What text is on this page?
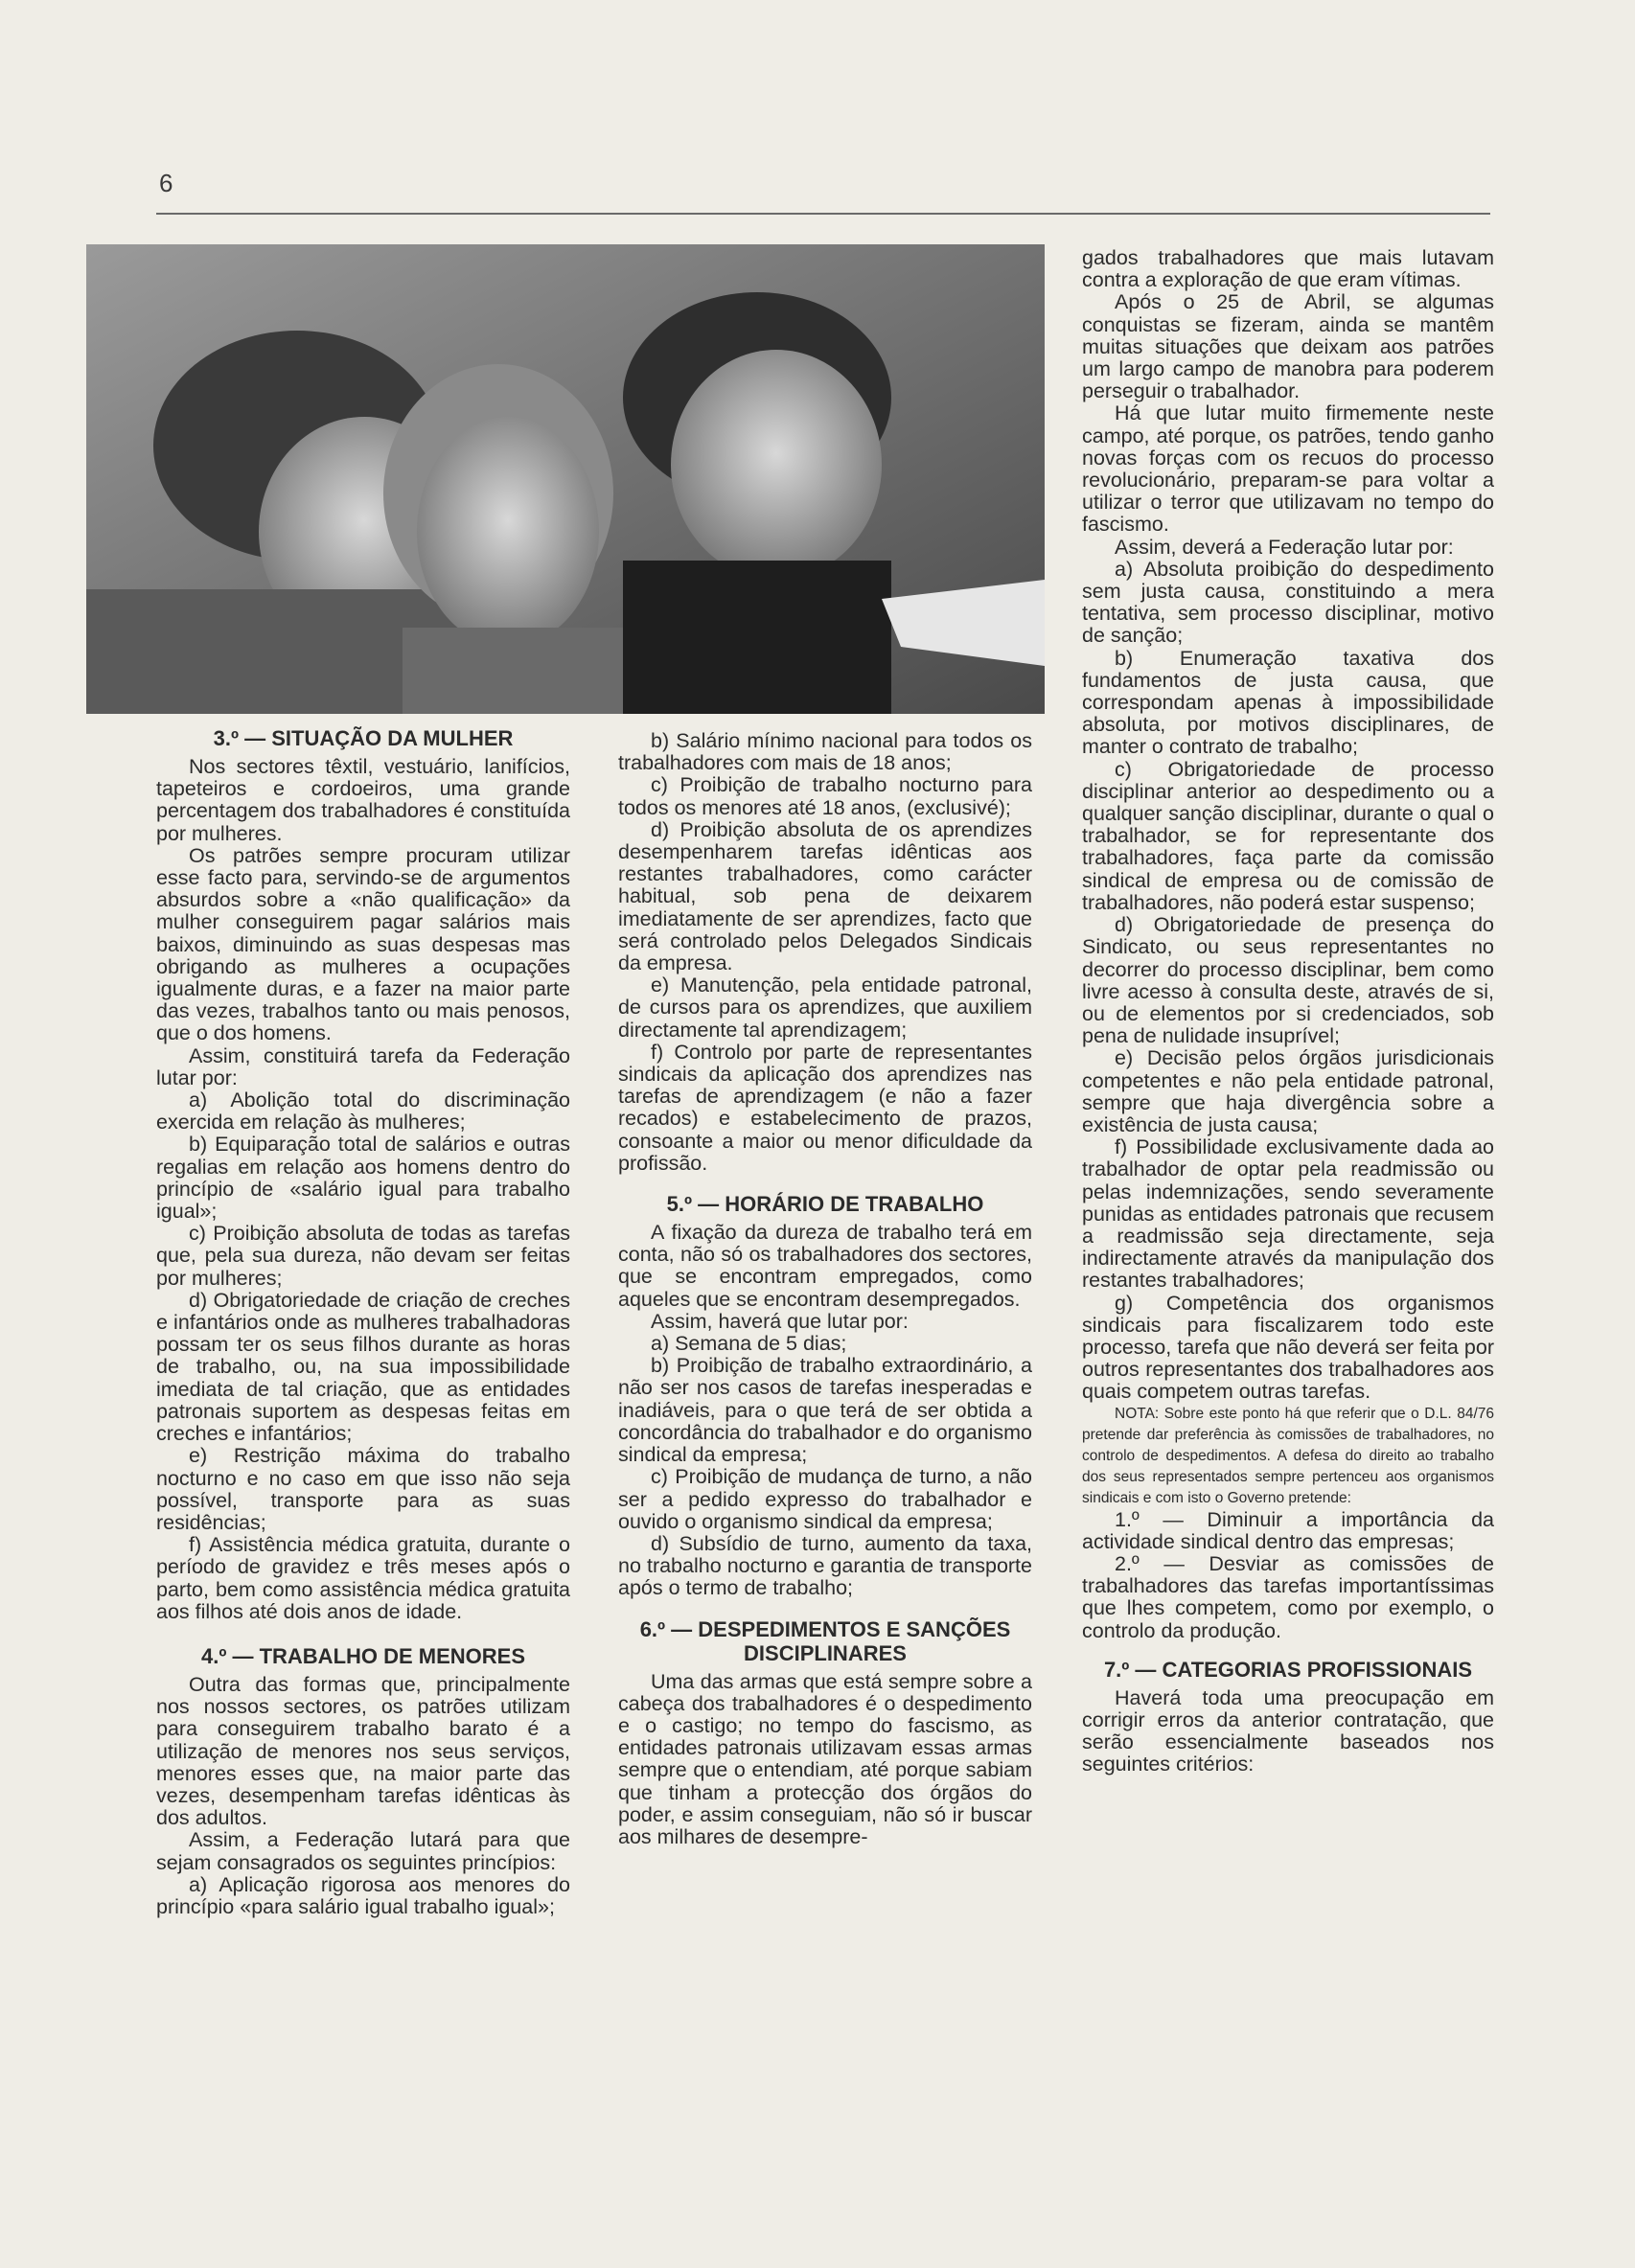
6
3.º — SITUAÇÃO DA MULHER

Nos sectores têxtil, vestuário, lanifícios, tapeteiros e cordoeiros, uma grande percentagem dos trabalhadores é constituída por mulheres.

Os patrões sempre procuram utilizar esse facto para, servindo-se de argumentos absurdos sobre a «não qualificação» da mulher conseguirem pagar salários mais baixos, diminuindo as suas despesas mas obrigando as mulheres a ocupações igualmente duras, e a fazer na maior parte das vezes, trabalhos tanto ou mais penosos, que o dos homens.

Assim, constituirá tarefa da Federação lutar por:

a) Abolição total do discriminação exercida em relação às mulheres;

b) Equiparação total de salários e outras regalias em relação aos homens dentro do princípio de «salário igual para trabalho igual»;

c) Proibição absoluta de todas as tarefas que, pela sua dureza, não devam ser feitas por mulheres;

d) Obrigatoriedade de criação de creches e infantários onde as mulheres trabalhadoras possam ter os seus filhos durante as horas de trabalho, ou, na sua impossibilidade imediata de tal criação, que as entidades patronais suportem as despesas feitas em creches e infantários;

e) Restrição máxima do trabalho nocturno e no caso em que isso não seja possível, transporte para as suas residências;

f) Assistência médica gratuita, durante o período de gravidez e três meses após o parto, bem como assistência médica gratuita aos filhos até dois anos de idade.

4.º — TRABALHO DE MENORES

Outra das formas que, principalmente nos nossos sectores, os patrões utilizam para conseguirem trabalho barato é a utilização de menores nos seus serviços, menores esses que, na maior parte das vezes, desempenham tarefas idênticas às dos adultos.

Assim, a Federação lutará para que sejam consagrados os seguintes princípios:

a) Aplicação rigorosa aos menores do princípio «para salário igual trabalho igual»;

b) Salário mínimo nacional para todos os trabalhadores com mais de 18 anos;

c) Proibição de trabalho nocturno para todos os menores até 18 anos, (exclusivé);

d) Proibição absoluta de os aprendizes desempenharem tarefas idênticas aos restantes trabalhadores, como carácter habitual, sob pena de deixarem imediatamente de ser aprendizes, facto que será controlado pelos Delegados Sindicais da empresa.

e) Manutenção, pela entidade patronal, de cursos para os aprendizes, que auxiliem directamente tal aprendizagem;

f) Controlo por parte de representantes sindicais da aplicação dos aprendizes nas tarefas de aprendizagem (e não a fazer recados) e estabelecimento de prazos, consoante a maior ou menor dificuldade da profissão.

5.º — HORÁRIO DE TRABALHO

A fixação da dureza de trabalho terá em conta, não só os trabalhadores dos sectores, que se encontram empregados, como aqueles que se encontram desempregados.

Assim, haverá que lutar por:

a) Semana de 5 dias;

b) Proibição de trabalho extraordinário, a não ser nos casos de tarefas inesperadas e inadiáveis, para o que terá de ser obtida a concordância do trabalhador e do organismo sindical da empresa;

c) Proibição de mudança de turno, a não ser a pedido expresso do trabalhador e ouvido o organismo sindical da empresa;

d) Subsídio de turno, aumento da taxa, no trabalho nocturno e garantia de transporte após o termo de trabalho;

6.º — DESPEDIMENTOS E SANÇÕES DISCIPLINARES

Uma das armas que está sempre sobre a cabeça dos trabalhadores é o despedimento e o castigo; no tempo do fascismo, as entidades patronais utilizavam essas armas sempre que o entendiam, até porque sabiam que tinham a protecção dos órgãos do poder, e assim conseguiam, não só ir buscar aos milhares de desempre-

gados trabalhadores que mais lutavam contra a exploração de que eram vítimas.

Após o 25 de Abril, se algumas conquistas se fizeram, ainda se mantêm muitas situações que deixam aos patrões um largo campo de manobra para poderem perseguir o trabalhador.

Há que lutar muito firmemente neste campo, até porque, os patrões, tendo ganho novas forças com os recuos do processo revolucionário, preparam-se para voltar a utilizar o terror que utilizavam no tempo do fascismo.

Assim, deverá a Federação lutar por:

a) Absoluta proibição do despedimento sem justa causa, constituindo a mera tentativa, sem processo disciplinar, motivo de sanção;

b) Enumeração taxativa dos fundamentos de justa causa, que correspondam apenas à impossibilidade absoluta, por motivos disciplinares, de manter o contrato de trabalho;

c) Obrigatoriedade de processo disciplinar anterior ao despedimento ou a qualquer sanção disciplinar, durante o qual o trabalhador, se for representante dos trabalhadores, faça parte da comissão sindical de empresa ou de comissão de trabalhadores, não poderá estar suspenso;

d) Obrigatoriedade de presença do Sindicato, ou seus representantes no decorrer do processo disciplinar, bem como livre acesso à consulta deste, através de si, ou de elementos por si credenciados, sob pena de nulidade insuprível;

e) Decisão pelos órgãos jurisdicionais competentes e não pela entidade patronal, sempre que haja divergência sobre a existência de justa causa;

f) Possibilidade exclusivamente dada ao trabalhador de optar pela readmissão ou pelas indemnizações, sendo severamente punidas as entidades patronais que recusem a readmissão seja directamente, seja indirectamente através da manipulação dos restantes trabalhadores;

g) Competência dos organismos sindicais para fiscalizarem todo este processo, tarefa que não deverá ser feita por outros representantes dos trabalhadores aos quais competem outras tarefas.

NOTA: Sobre este ponto há que referir que o D.L. 84/76 pretende dar preferência às comissões de trabalhadores, no controlo de despedimentos. A defesa do direito ao trabalho dos seus representados sempre pertenceu aos organismos sindicais e com isto o Governo pretende:

1.º — Diminuir a importância da actividade sindical dentro das empresas;

2.º — Desviar as comissões de trabalhadores das tarefas importantíssimas que lhes competem, como por exemplo, o controlo da produção.

7.º — CATEGORIAS PROFISSIONAIS

Haverá toda uma preocupação em corrigir erros da anterior contratação, que serão essencialmente baseados nos seguintes critérios:
